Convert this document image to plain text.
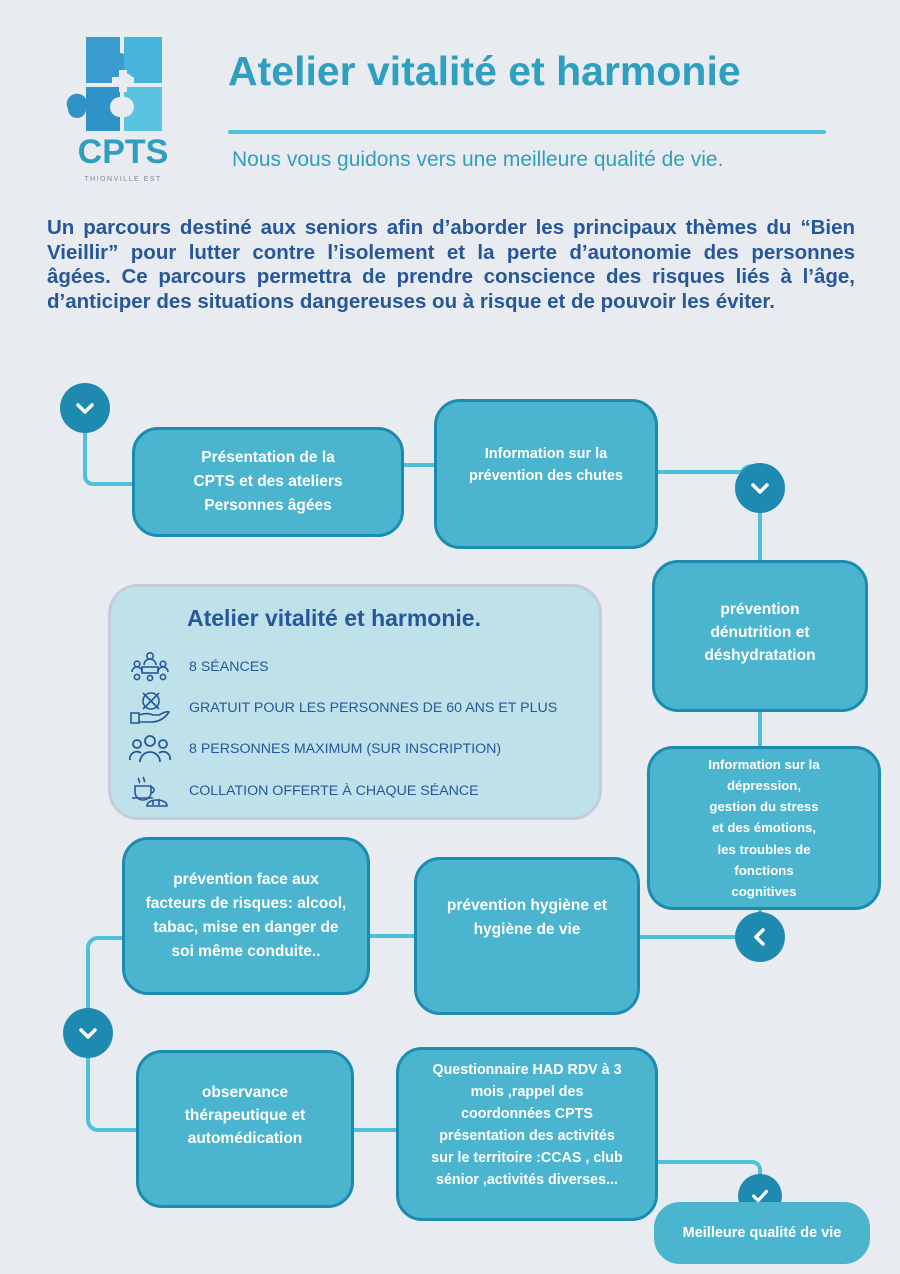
CPTS
THIONVILLE EST
Atelier vitalité et harmonie
Nous vous guidons vers une meilleure qualité de vie.

Un parcours destiné aux seniors afin d’aborder les principaux thèmes du “Bien Vieillir” pour lutter contre l’isolement et la perte d’autonomie des personnes âgées. Ce parcours permettra de prendre conscience des risques liés à l’âge, d’anticiper des situations dangereuses ou à risque et de pouvoir les éviter.

Présentation de la
CPTS et des ateliers
Personnes âgées
Information sur la
prévention des chutes
prévention
dénutrition et
déshydratation
Information sur la
dépression,
gestion du stress
et des émotions,
les troubles de
fonctions
cognitives
prévention hygiène et
hygiène de vie
prévention face aux
facteurs de risques: alcool,
tabac, mise en danger de
soi même conduite..
observance
thérapeutique et
automédication
Questionnaire HAD RDV à 3
mois ,rappel des
coordonnées CPTS
présentation des activités
sur le territoire :CCAS , club
sénior ,activités diverses...
Meilleure qualité de vie
Atelier vitalité et harmonie.
8 SÉANCES
GRATUIT POUR LES PERSONNES DE 60 ANS ET PLUS
8 PERSONNES MAXIMUM (SUR INSCRIPTION)
COLLATION OFFERTE À CHAQUE SÉANCE
